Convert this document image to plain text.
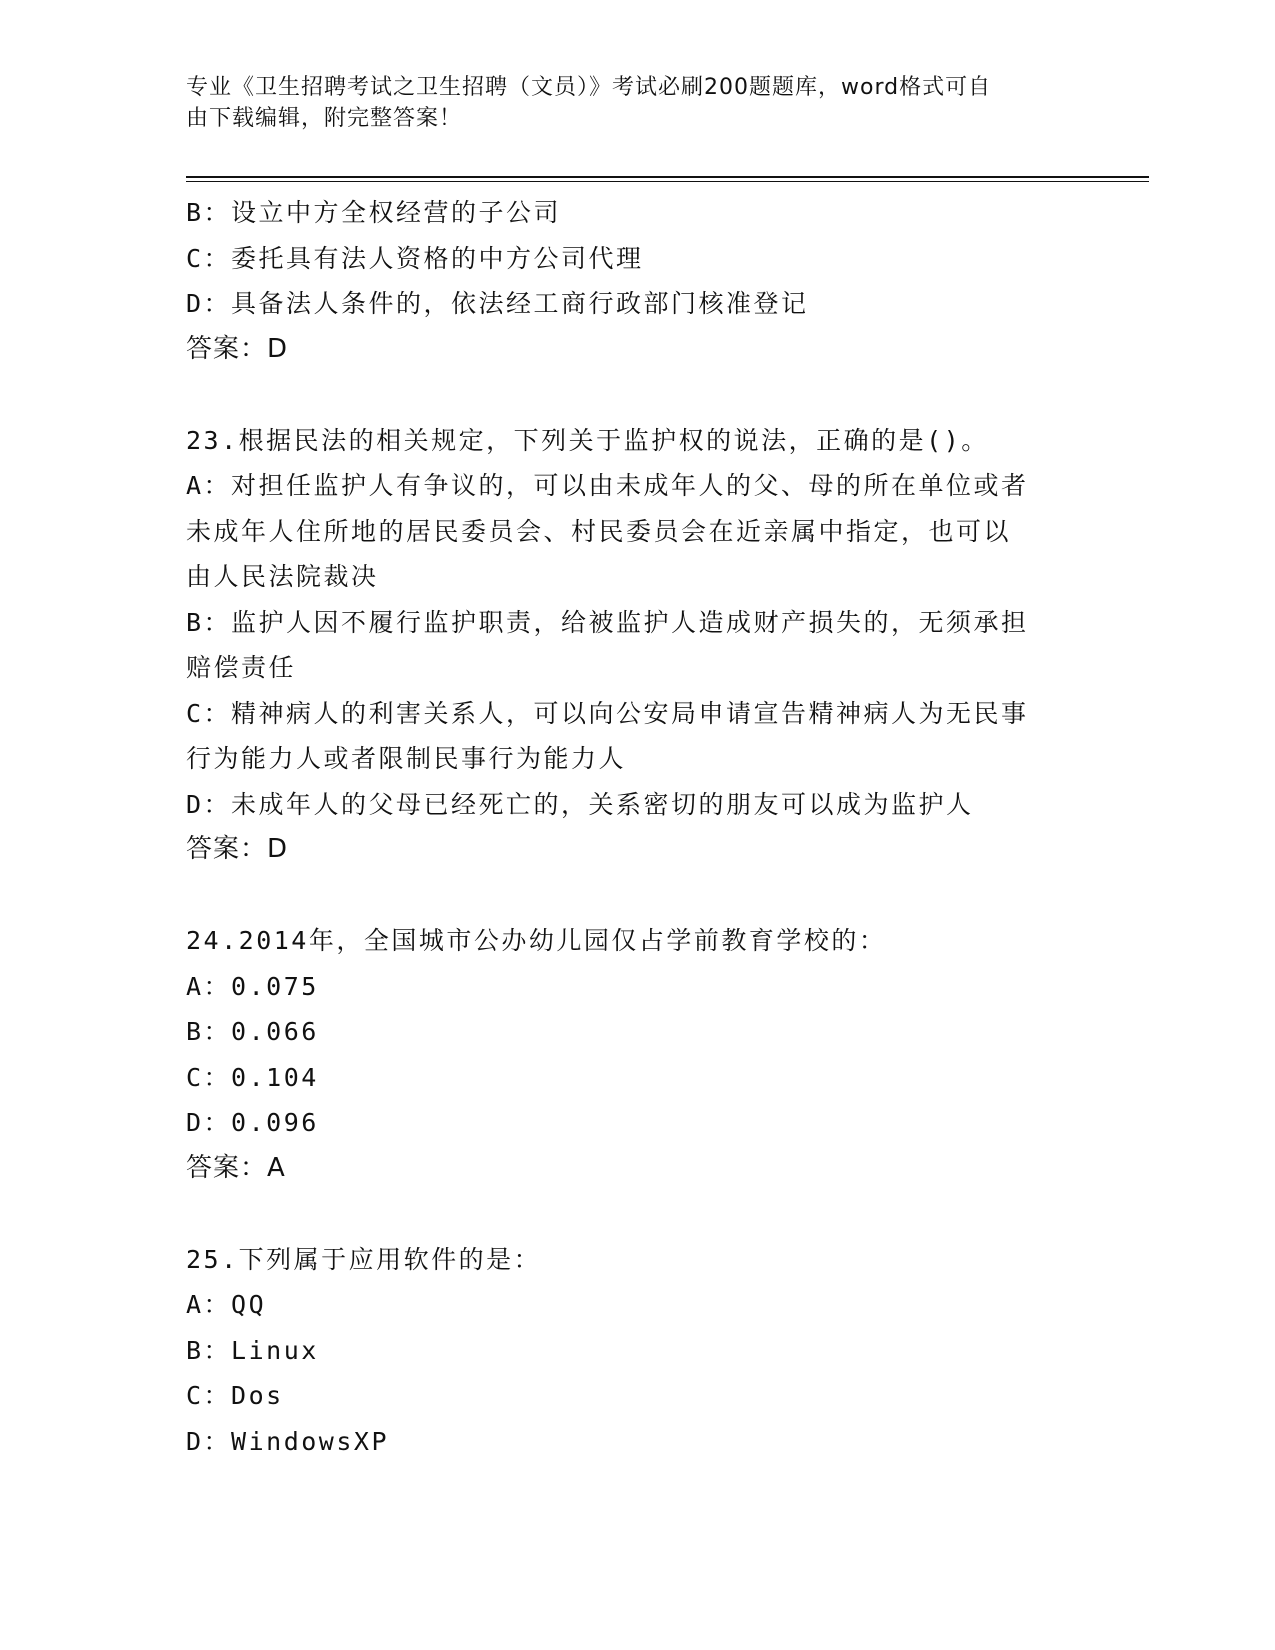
专业《卫生招聘考试之卫生招聘（文员）》考试必刷200题题库，word格式可自
由下载编辑，附完整答案！
B：设立中方全权经营的子公司
C：委托具有法人资格的中方公司代理
D：具备法人条件的，依法经工商行政部门核准登记
答案：D
23.根据民法的相关规定，下列关于监护权的说法，正确的是()。
A：对担任监护人有争议的，可以由未成年人的父、母的所在单位或者
未成年人住所地的居民委员会、村民委员会在近亲属中指定，也可以
由人民法院裁决
B：监护人因不履行监护职责，给被监护人造成财产损失的，无须承担
赔偿责任
C：精神病人的利害关系人，可以向公安局申请宣告精神病人为无民事
行为能力人或者限制民事行为能力人
D：未成年人的父母已经死亡的，关系密切的朋友可以成为监护人
答案：D
24.2014年，全国城市公办幼儿园仅占学前教育学校的：
A：0.075
B：0.066
C：0.104
D：0.096
答案：A
25.下列属于应用软件的是：
A：QQ
B：Linux
C：Dos
D：WindowsXP
